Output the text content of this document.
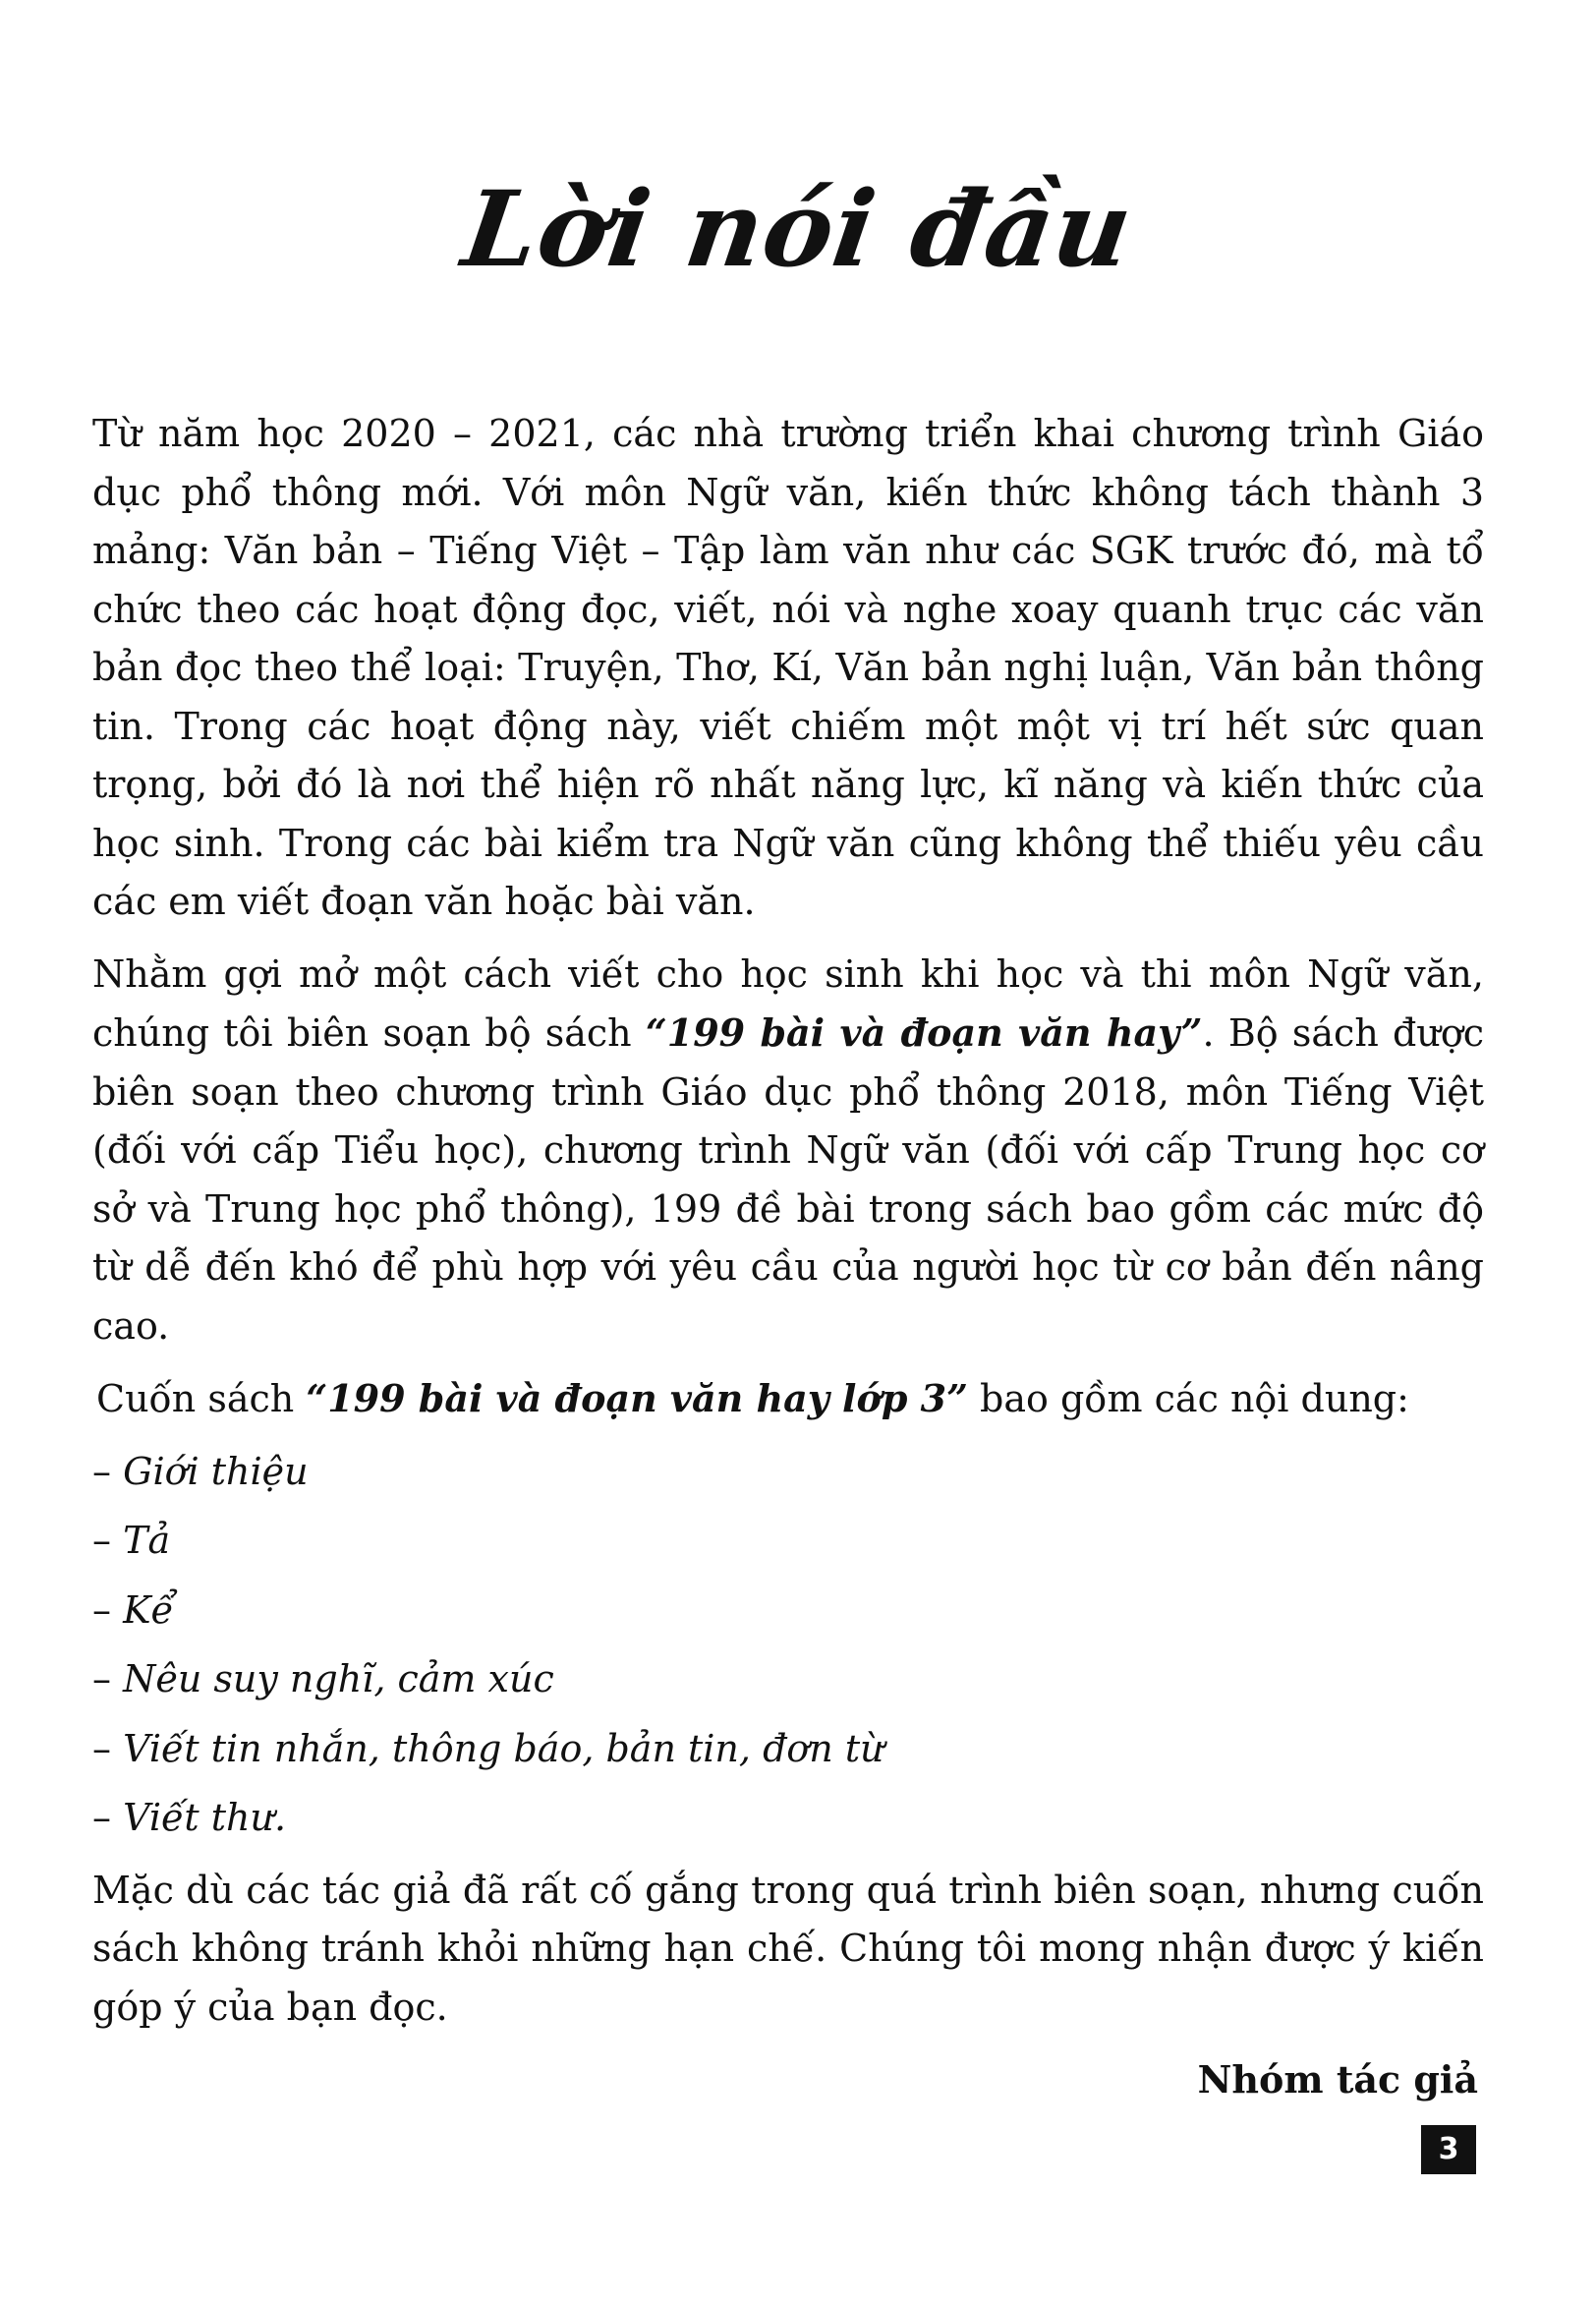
Lời nói đầu

Từ năm học 2020 – 2021, các nhà trường triển khai chương trình Giáo dục phổ thông mới. Với môn Ngữ văn, kiến thức không tách thành 3 mảng: Văn bản – Tiếng Việt – Tập làm văn như các SGK trước đó, mà tổ chức theo các hoạt động đọc, viết, nói và nghe xoay quanh trục các văn bản đọc theo thể loại: Truyện, Thơ, Kí, Văn bản nghị luận, Văn bản thông tin. Trong các hoạt động này, viết chiếm một một vị trí hết sức quan trọng, bởi đó là nơi thể hiện rõ nhất năng lực, kĩ năng và kiến thức của học sinh. Trong các bài kiểm tra Ngữ văn cũng không thể thiếu yêu cầu các em viết đoạn văn hoặc bài văn.

Nhằm gợi mở một cách viết cho học sinh khi học và thi môn Ngữ văn, chúng tôi biên soạn bộ sách “199 bài và đoạn văn hay”. Bộ sách được biên soạn theo chương trình Giáo dục phổ thông 2018, môn Tiếng Việt (đối với cấp Tiểu học), chương trình Ngữ văn (đối với cấp Trung học cơ sở và Trung học phổ thông), 199 đề bài trong sách bao gồm các mức độ từ dễ đến khó để phù hợp với yêu cầu của người học từ cơ bản đến nâng cao.

Cuốn sách “199 bài và đoạn văn hay lớp 3” bao gồm các nội dung:

– Giới thiệu
– Tả
– Kể
– Nêu suy nghĩ, cảm xúc
– Viết tin nhắn, thông báo, bản tin, đơn từ
– Viết thư.

Mặc dù các tác giả đã rất cố gắng trong quá trình biên soạn, nhưng cuốn sách không tránh khỏi những hạn chế. Chúng tôi mong nhận được ý kiến góp ý của bạn đọc.

Nhóm tác giả
3
